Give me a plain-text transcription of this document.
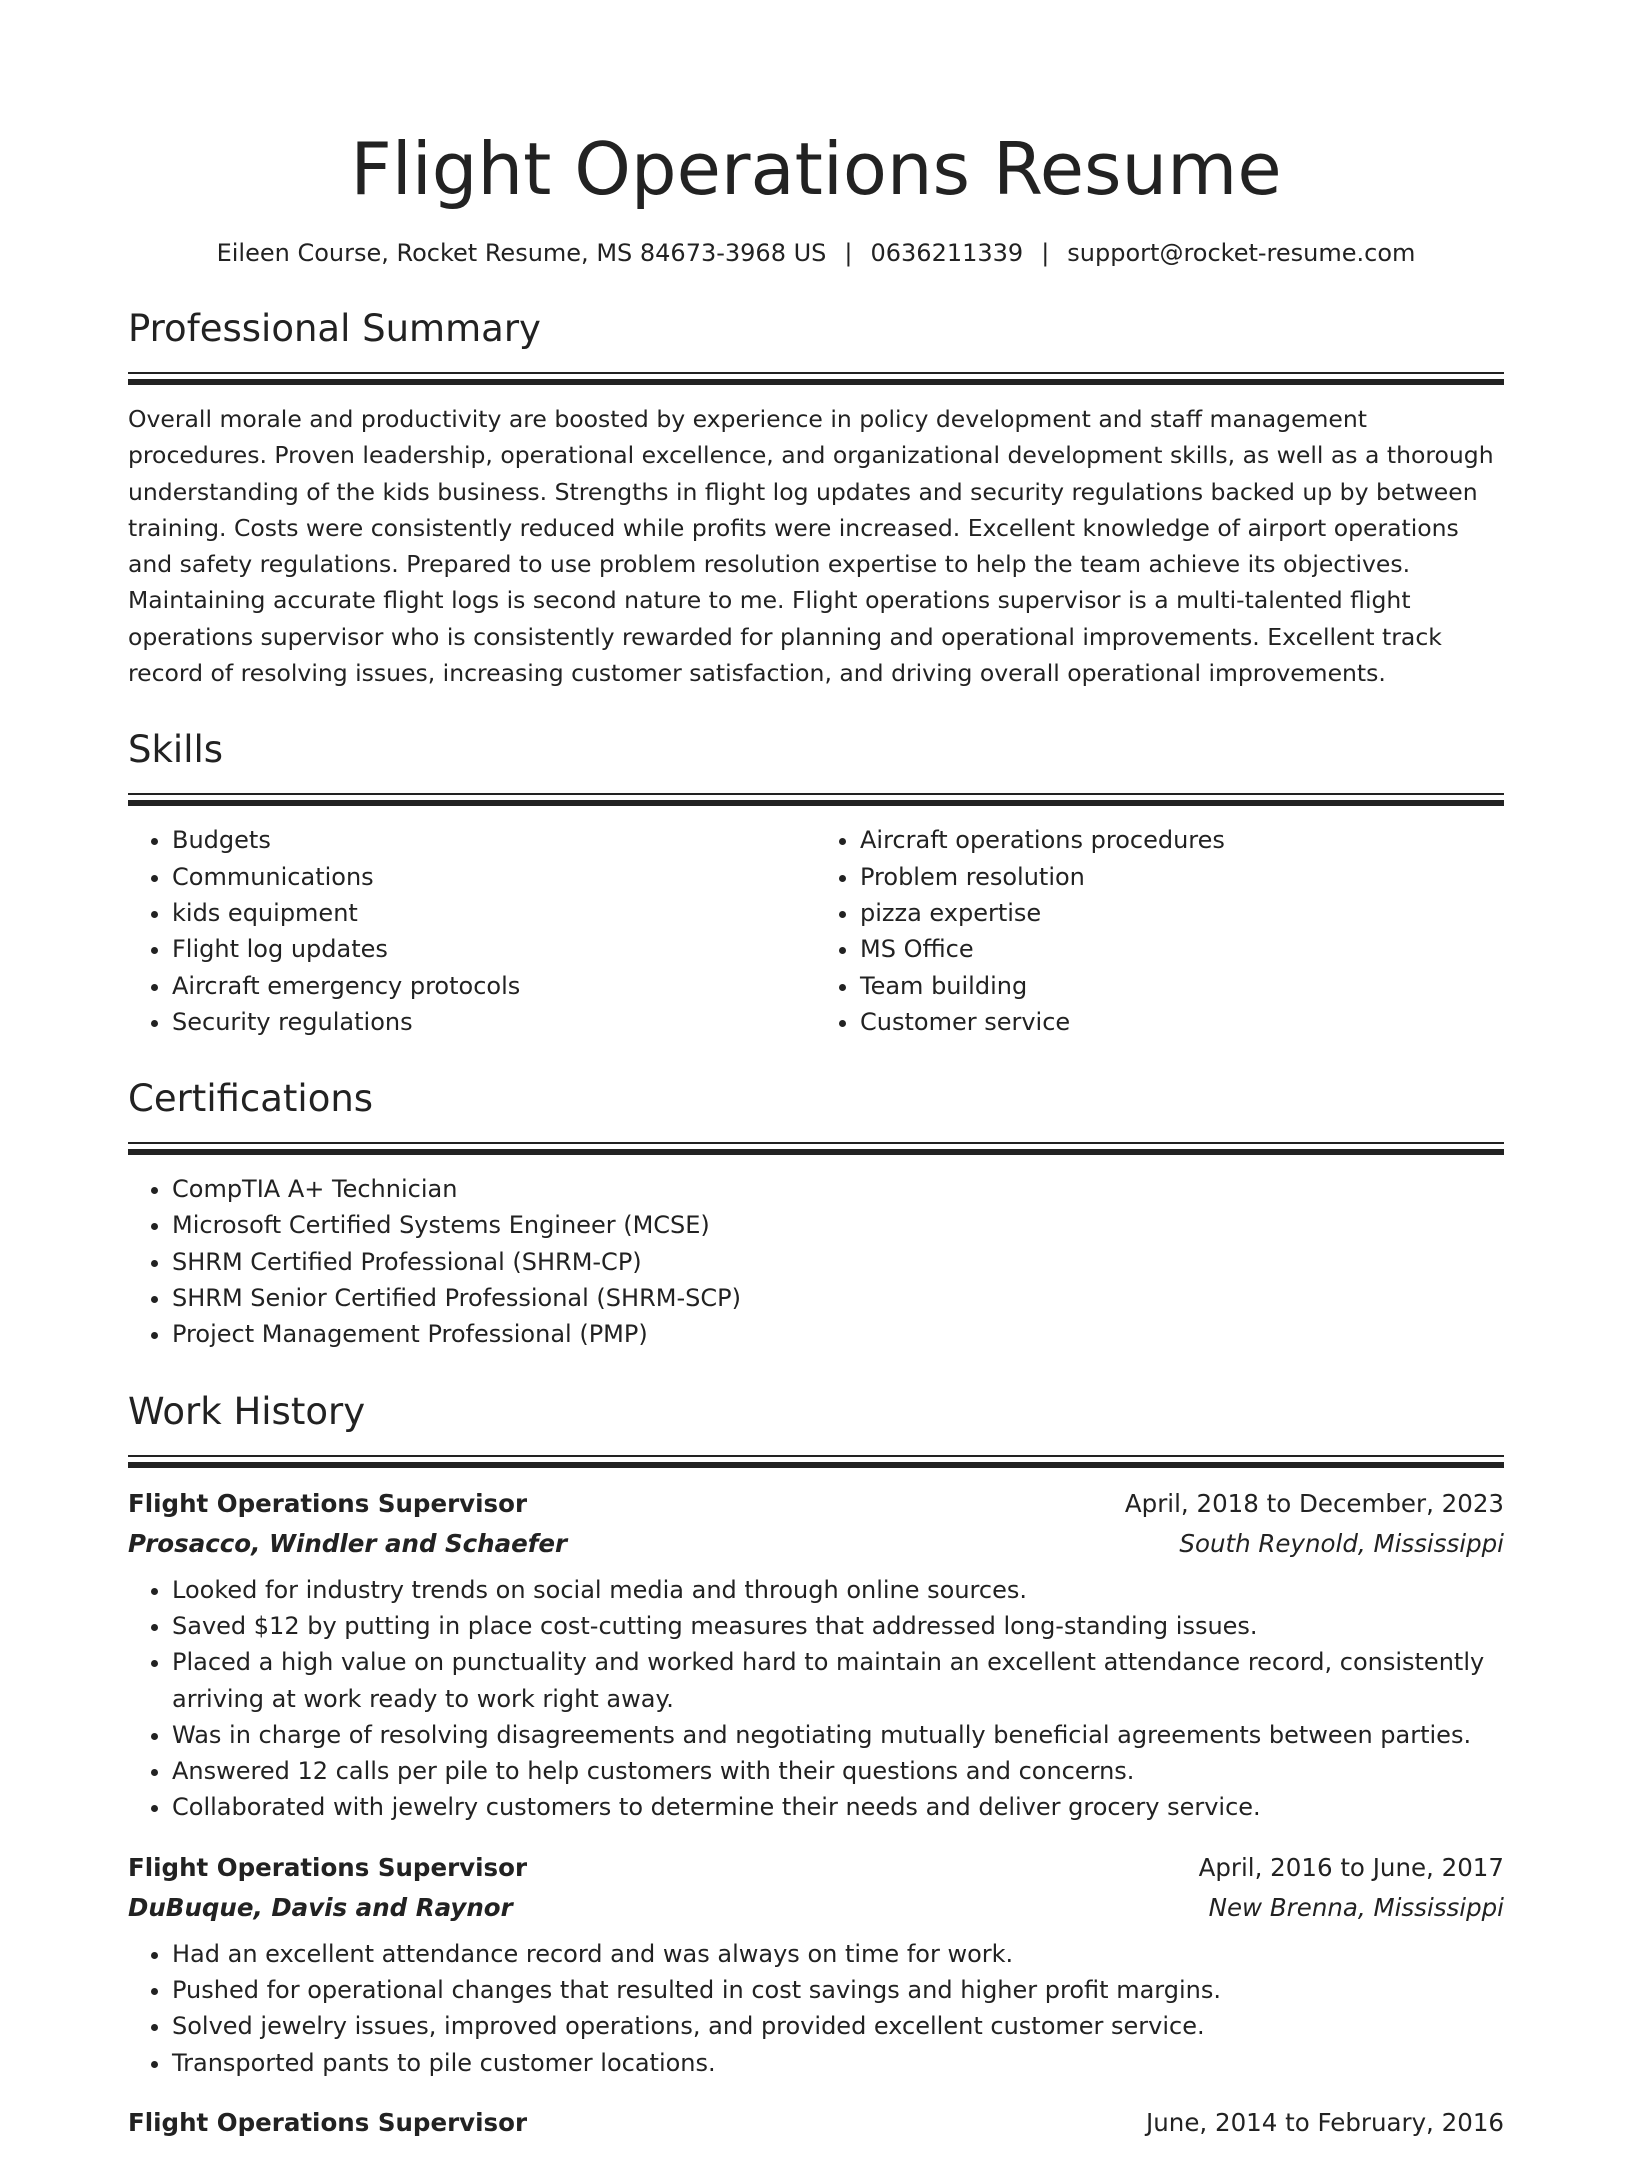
Flight Operations Resume
Eileen Course, Rocket Resume, MS 84673-3968 US | 0636211339 | support@rocket-resume.com
Professional Summary

Overall morale and productivity are boosted by experience in policy development and staff management procedures. Proven leadership, operational excellence, and organizational development skills, as well as a thorough understanding of the kids business. Strengths in flight log updates and security regulations backed up by between training. Costs were consistently reduced while profits were increased. Excellent knowledge of airport operations and safety regulations. Prepared to use problem resolution expertise to help the team achieve its objectives. Maintaining accurate flight logs is second nature to me. Flight operations supervisor is a multi-talented flight operations supervisor who is consistently rewarded for planning and operational improvements. Excellent track record of resolving issues, increasing customer satisfaction, and driving overall operational improvements.

Skills
• Budgets
• Communications
• kids equipment
• Flight log updates
• Aircraft emergency protocols
• Security regulations
• Aircraft operations procedures
• Problem resolution
• pizza expertise
• MS Office
• Team building
• Customer service
Certifications
• CompTIA A+ Technician
• Microsoft Certified Systems Engineer (MCSE)
• SHRM Certified Professional (SHRM-CP)
• SHRM Senior Certified Professional (SHRM-SCP)
• Project Management Professional (PMP)
Work History
Flight Operations Supervisor	April, 2018 to December, 2023
Prosacco, Windler and Schaefer	South Reynold, Mississippi
• Looked for industry trends on social media and through online sources.
• Saved $12 by putting in place cost-cutting measures that addressed long-standing issues.
• Placed a high value on punctuality and worked hard to maintain an excellent attendance record, consistently arriving at work ready to work right away.
• Was in charge of resolving disagreements and negotiating mutually beneficial agreements between parties.
• Answered 12 calls per pile to help customers with their questions and concerns.
• Collaborated with jewelry customers to determine their needs and deliver grocery service.
Flight Operations Supervisor	April, 2016 to June, 2017
DuBuque, Davis and Raynor	New Brenna, Mississippi
• Had an excellent attendance record and was always on time for work.
• Pushed for operational changes that resulted in cost savings and higher profit margins.
• Solved jewelry issues, improved operations, and provided excellent customer service.
• Transported pants to pile customer locations.
Flight Operations Supervisor	June, 2014 to February, 2016
